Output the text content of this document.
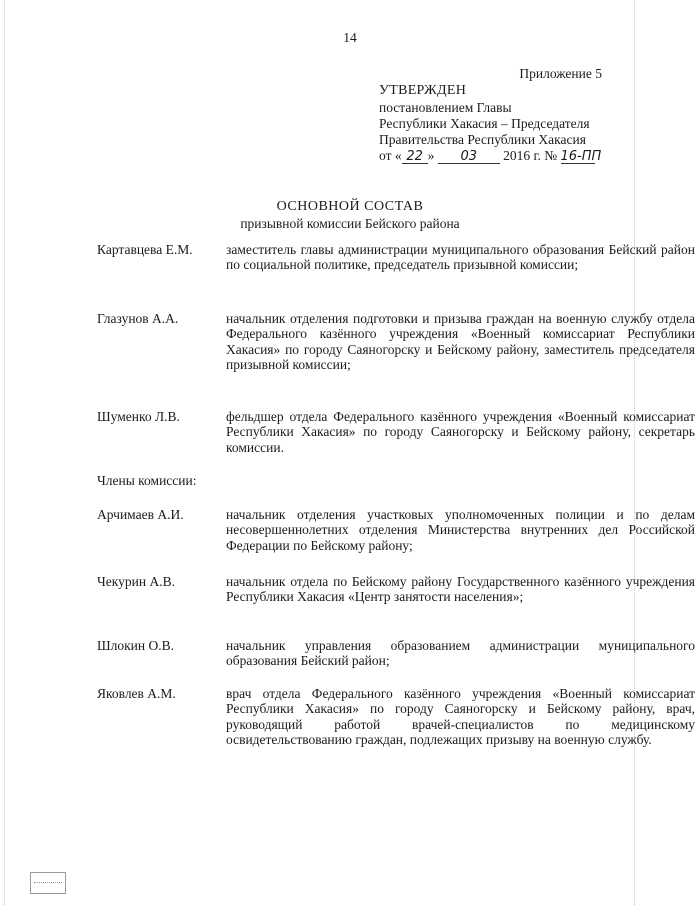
14
Приложение 5
УТВЕРЖДЕН
постановлением Главы
Республики Хакасия – Председателя
Правительства Республики Хакасия
от « 22 » 03 2016 г. № 16-ПП
ОСНОВНОЙ СОСТАВ
призывной комиссии Бейского района
Картавцева Е.М.	заместитель главы администрации муниципального образования Бейский район по социальной политике, председатель призывной комиссии;
Глазунов А.А.	начальник отделения подготовки и призыва граждан на военную службу отдела Федерального казённого учреждения «Военный комиссариат Республики Хакасия» по городу Саяногорску и Бейскому району, заместитель председателя призывной комиссии;
Шуменко Л.В.	фельдшер отдела Федерального казённого учреждения «Военный комиссариат Республики Хакасия» по городу Саяногорску и Бейскому району, секретарь комиссии.
Члены комиссии:
Арчимаев А.И.	начальник отделения участковых уполномоченных полиции и по делам несовершеннолетних отделения Министерства внутренних дел Российской Федерации по Бейскому району;
Чекурин А.В.	начальник отдела по Бейскому району Государственного казённого учреждения Республики Хакасия «Центр занятости населения»;
Шлокин О.В.	начальник управления образованием администрации муниципального образования Бейский район;
Яковлев А.М.	врач отдела Федерального казённого учреждения «Военный комиссариат Республики Хакасия» по городу Саяногорску и Бейскому району, врач, руководящий работой врачей-специалистов по медицинскому освидетельствованию граждан, подлежащих призыву на военную службу.
